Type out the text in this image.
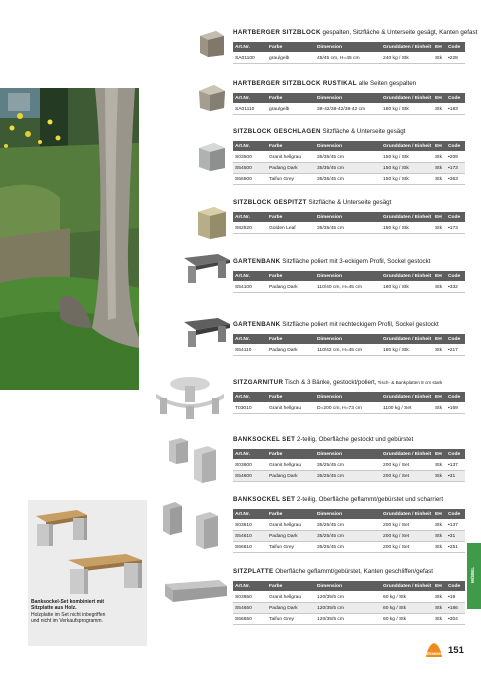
Banksockel-Set kombiniert mit
Sitzplatte aus Holz.
Holzplatte im Set nicht inbegriffen
und nicht im Verkaufsprogramm.
MÖBEL
Strasser 151
HARTBERGER SITZBLOCK gespalten, Sitzfläche & Unterseite gesägt, Kanten gefast
Art.Nr.	Farbe	Dimension	Grunddaten / Einheit	EH	Code
SA01100	grau/gelb	45/45 cm, H=45 cm	240 kg / Stk	Stk	▪228
HARTBERGER SITZBLOCK RUSTIKAL alle Seiten gespalten
Art.Nr.	Farbe	Dimension	Grunddaten / Einheit	EH	Code
SA01110	grau/gelb	38-42/38-42/38-42 cm	180 kg / Stk	Stk	▪183
SITZBLOCK GESCHLAGEN Sitzfläche & Unterseite gesägt
Art.Nr.	Farbe	Dimension	Grunddaten / Einheit	EH	Code
S03500	Granit hellgrau	35/35/45 cm	150 kg / Stk	Stk	▪209
S54500	Padang Dark	35/35/45 cm	150 kg / Stk	Stk	▪173
S66500	Taifun Grey	35/35/45 cm	150 kg / Stk	Stk	▪363
SITZBLOCK GESPITZT Sitzfläche & Unterseite gesägt
Art.Nr.	Farbe	Dimension	Grunddaten / Einheit	EH	Code
S82520	Golden Leaf	35/35/45 cm	150 kg / Stk	Stk	▪173
GARTENBANK Sitzfläche poliert mit 3-eckigem Profil, Sockel gestockt
Art.Nr.	Farbe	Dimension	Grunddaten / Einheit	EH	Code
S54100	Padang Dark	110/40 cm, H=45 cm	180 kg / Stk	Stk	▪332
GARTENBANK Sitzfläche poliert mit rechteckigem Profil, Sockel gestockt
Art.Nr.	Farbe	Dimension	Grunddaten / Einheit	EH	Code
S54110	Padang Dark	110/42 cm, H=45 cm	180 kg / Stk	Stk	▪217
SITZGARNITUR Tisch & 3 Bänke, gestockt/poliert, Tisch- & Bankplatten 8 cm stark
Art.Nr.	Farbe	Dimension	Grunddaten / Einheit	EH	Code
T03010	Granit hellgrau	D=200 cm, H=73 cm	1100 kg / Set	Stk	▪169
BANKSOCKEL SET 2-teilig, Oberfläche gestockt und gebürstet
Art.Nr.	Farbe	Dimension	Grunddaten / Einheit	EH	Code
S03600	Granit hellgrau	35/25/45 cm	200 kg / Set	Stk	▪137
S54600	Padang Dark	35/25/45 cm	200 kg / Set	Stk	▪31
BANKSOCKEL SET 2-teilig, Oberfläche geflammt/gebürstet und scharriert
Art.Nr.	Farbe	Dimension	Grunddaten / Einheit	EH	Code
S03610	Granit hellgrau	35/25/45 cm	200 kg / Set	Stk	▪137
S54610	Padang Dark	35/25/45 cm	200 kg / Set	Stk	▪31
S66610	Taifun Grey	35/25/45 cm	200 kg / Set	Stk	▪251
SITZPLATTE Oberfläche geflammt/gebürstet, Kanten geschliffen/gefast
Art.Nr.	Farbe	Dimension	Grunddaten / Einheit	EH	Code
S03650	Granit hellgrau	120/35/5 cm	60 kg / Stk	Stk	▪19
S54650	Padang Dark	120/35/5 cm	60 kg / Stk	Stk	▪186
S66650	Taifun Grey	120/35/5 cm	60 kg / Stk	Stk	▪304
